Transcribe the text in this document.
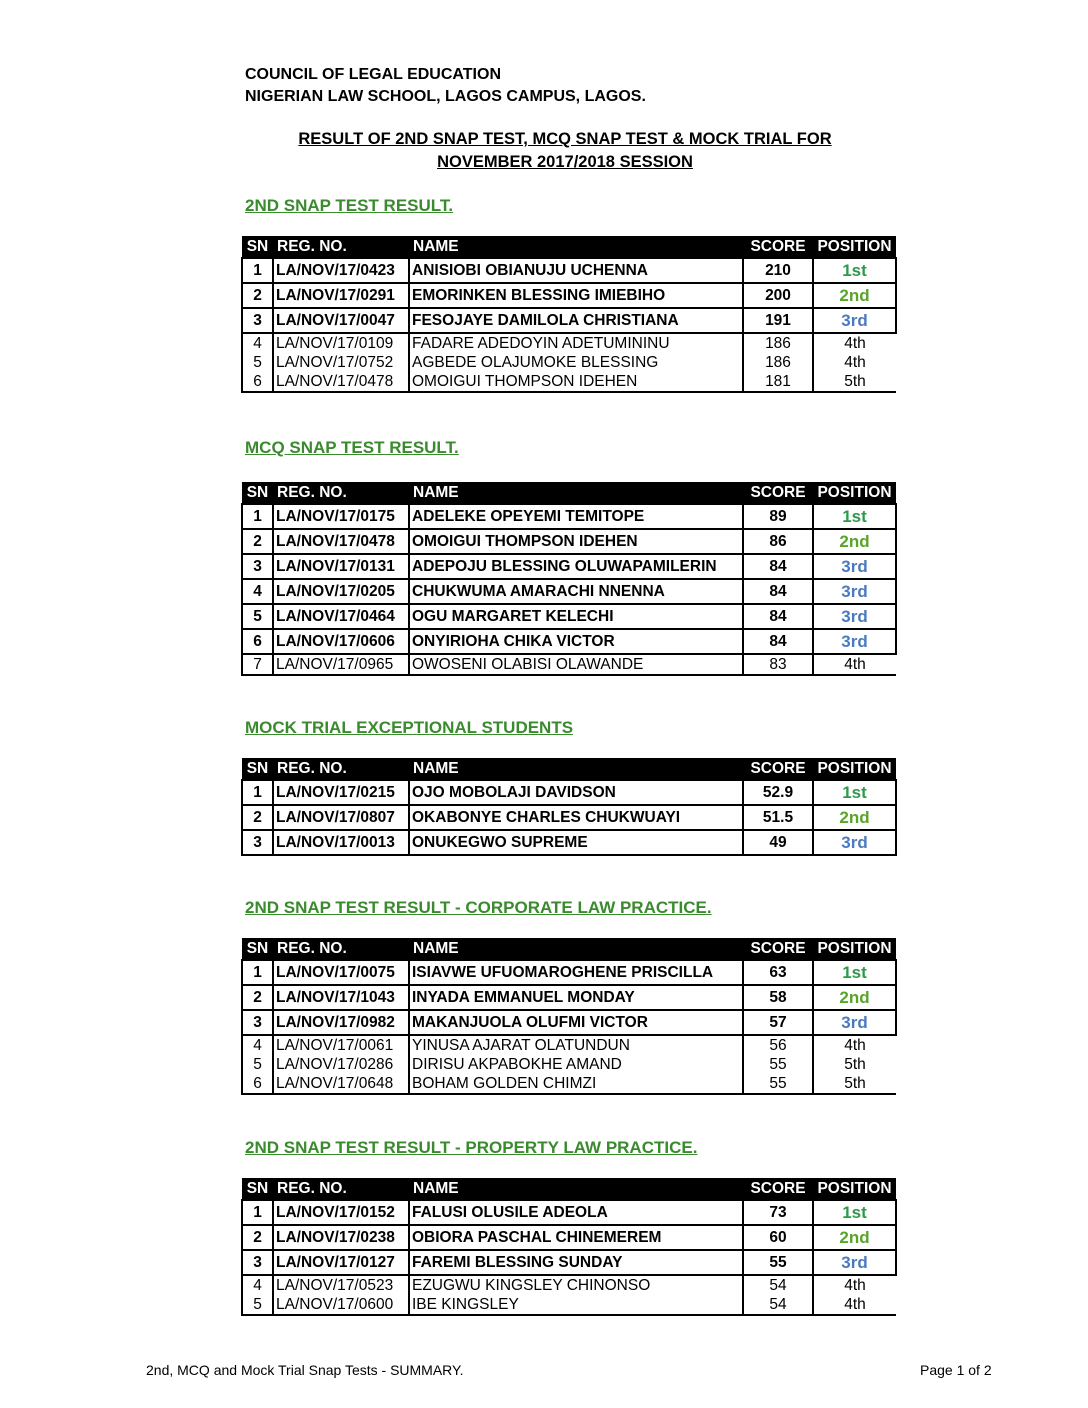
COUNCIL OF LEGAL EDUCATION
NIGERIAN LAW SCHOOL, LAGOS CAMPUS, LAGOS.
RESULT OF 2ND SNAP TEST, MCQ SNAP TEST & MOCK TRIAL FOR
NOVEMBER 2017/2018 SESSION
2ND SNAP TEST RESULT.
SN	REG. NO.	NAME	SCORE	POSITION
1	LA/NOV/17/0423	ANISIOBI OBIANUJU UCHENNA	210	1st
2	LA/NOV/17/0291	EMORINKEN BLESSING IMIEBIHO	200	2nd
3	LA/NOV/17/0047	FESOJAYE DAMILOLA CHRISTIANA	191	3rd
4	LA/NOV/17/0109	FADARE ADEDOYIN ADETUMININU	186	4th
5	LA/NOV/17/0752	AGBEDE OLAJUMOKE BLESSING	186	4th
6	LA/NOV/17/0478	OMOIGUI THOMPSON IDEHEN	181	5th
MCQ SNAP TEST RESULT.
SN	REG. NO.	NAME	SCORE	POSITION
1	LA/NOV/17/0175	ADELEKE OPEYEMI TEMITOPE	89	1st
2	LA/NOV/17/0478	OMOIGUI THOMPSON IDEHEN	86	2nd
3	LA/NOV/17/0131	ADEPOJU BLESSING OLUWAPAMILERIN	84	3rd
4	LA/NOV/17/0205	CHUKWUMA AMARACHI NNENNA	84	3rd
5	LA/NOV/17/0464	OGU MARGARET KELECHI	84	3rd
6	LA/NOV/17/0606	ONYIRIOHA CHIKA VICTOR	84	3rd
7	LA/NOV/17/0965	OWOSENI OLABISI OLAWANDE	83	4th
MOCK TRIAL EXCEPTIONAL STUDENTS
SN	REG. NO.	NAME	SCORE	POSITION
1	LA/NOV/17/0215	OJO MOBOLAJI DAVIDSON	52.9	1st
2	LA/NOV/17/0807	OKABONYE CHARLES CHUKWUAYI	51.5	2nd
3	LA/NOV/17/0013	ONUKEGWO SUPREME	49	3rd
2ND SNAP TEST RESULT - CORPORATE LAW PRACTICE.
SN	REG. NO.	NAME	SCORE	POSITION
1	LA/NOV/17/0075	ISIAVWE UFUOMAROGHENE PRISCILLA	63	1st
2	LA/NOV/17/1043	INYADA EMMANUEL MONDAY	58	2nd
3	LA/NOV/17/0982	MAKANJUOLA OLUFMI VICTOR	57	3rd
4	LA/NOV/17/0061	YINUSA AJARAT OLATUNDUN	56	4th
5	LA/NOV/17/0286	DIRISU AKPABOKHE AMAND	55	5th
6	LA/NOV/17/0648	BOHAM GOLDEN CHIMZI	55	5th
2ND SNAP TEST RESULT - PROPERTY LAW PRACTICE.
SN	REG. NO.	NAME	SCORE	POSITION
1	LA/NOV/17/0152	FALUSI OLUSILE ADEOLA	73	1st
2	LA/NOV/17/0238	OBIORA PASCHAL CHINEMEREM	60	2nd
3	LA/NOV/17/0127	FAREMI BLESSING SUNDAY	55	3rd
4	LA/NOV/17/0523	EZUGWU KINGSLEY CHINONSO	54	4th
5	LA/NOV/17/0600	IBE KINGSLEY	54	4th
2nd, MCQ and Mock Trial Snap Tests - SUMMARY.	Page 1 of 2
